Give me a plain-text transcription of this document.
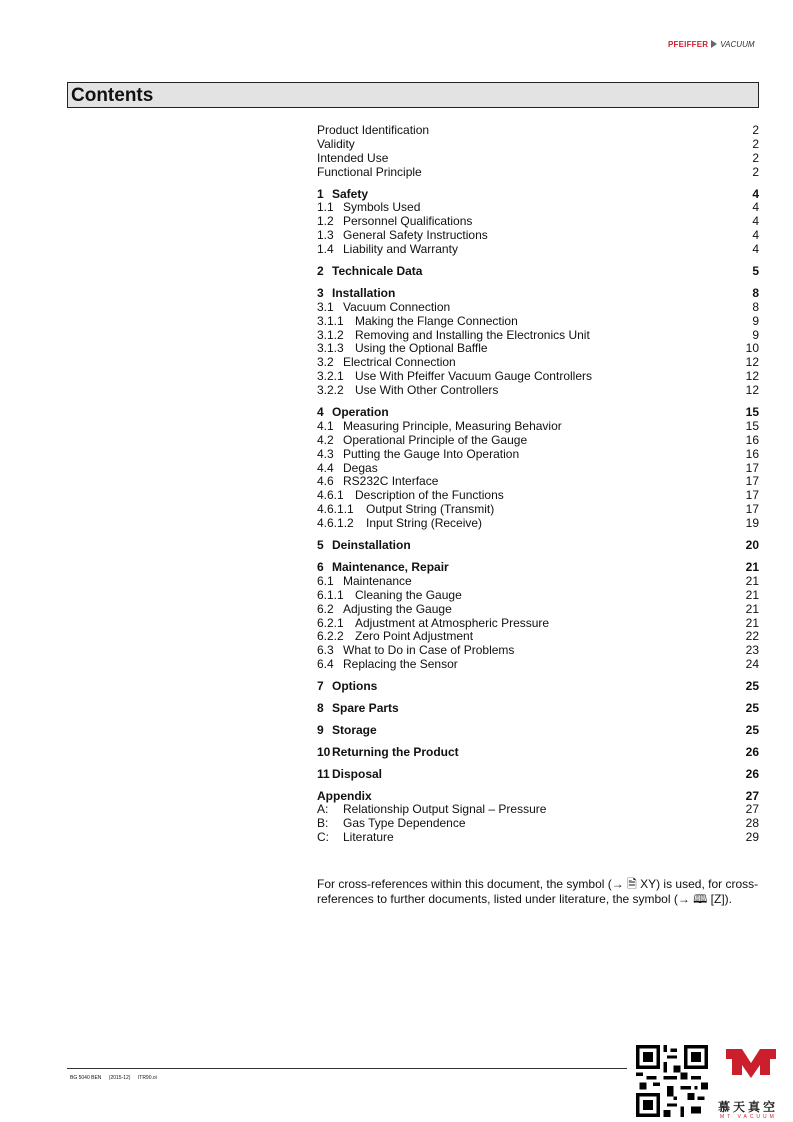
PFEIFFER VACUUM
Contents
Product Identification	2
Validity	2
Intended Use	2
Functional Principle	2
1 Safety	4
1.1 Symbols Used	4
1.2 Personnel Qualifications	4
1.3 General Safety Instructions	4
1.4 Liability and Warranty	4
2 Technicale Data	5
3 Installation	8
3.1 Vacuum Connection	8
3.1.1 Making the Flange Connection	9
3.1.2 Removing and Installing the Electronics Unit	9
3.1.3 Using the Optional Baffle	10
3.2 Electrical Connection	12
3.2.1 Use With Pfeiffer Vacuum Gauge Controllers	12
3.2.2 Use With Other Controllers	12
4 Operation	15
4.1 Measuring Principle, Measuring Behavior	15
4.2 Operational Principle of the Gauge	16
4.3 Putting the Gauge Into Operation	16
4.4 Degas	17
4.6 RS232C Interface	17
4.6.1 Description of the Functions	17
4.6.1.1 Output String (Transmit)	17
4.6.1.2 Input String (Receive)	19
5 Deinstallation	20
6 Maintenance, Repair	21
6.1 Maintenance	21
6.1.1 Cleaning the Gauge	21
6.2 Adjusting the Gauge	21
6.2.1 Adjustment at Atmospheric Pressure	21
6.2.2 Zero Point Adjustment	22
6.3 What to Do in Case of Problems	23
6.4 Replacing the Sensor	24
7 Options	25
8 Spare Parts	25
9 Storage	25
10 Returning the Product	26
11 Disposal	26
Appendix	27
A: Relationship Output Signal – Pressure	27
B: Gas Type Dependence	28
C: Literature	29
For cross-references within this document, the symbol (→ 🗎 XY) is used, for cross-references to further documents, listed under literature, the symbol (→ 🕮 [Z]).
BG 5040 BEN (2015-12) ITR90.oi
慕天真空
MT VACUUM
